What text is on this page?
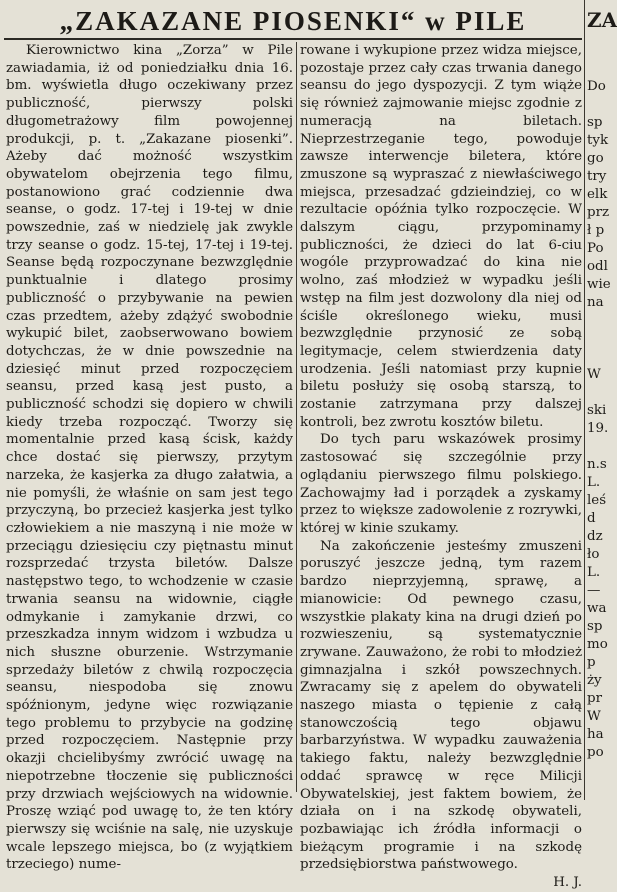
„ZAKAZANE PIOSENKI“ w PILE

Kierownictwo kina „Zorza” w Pile zawiadamia, iż od poniedziałku dnia 16. bm. wyświetla długo oczekiwany przez publiczność, pierwszy polski długometrażowy film powojennej produkcji, p. t. „Zakazane piosenki”. Ażeby dać możność wszystkim obywatelom obejrzenia tego filmu, postanowiono grać codziennie dwa seanse, o godz. 17-tej i 19-tej w dnie powszednie, zaś w niedzielę jak zwykle trzy seanse o godz. 15-tej, 17-tej i 19-tej. Seanse będą rozpoczynane bezwzględnie punktualnie i dlatego prosimy publiczność o przybywanie na pewien czas przedtem, ażeby zdążyć swobodnie wykupić bilet, zaobserwowano bowiem dotychczas, że w dnie powszednie na dziesięć minut przed rozpoczęciem seansu, przed kasą jest pusto, a publiczność schodzi się dopiero w chwili kiedy trzeba rozpocząć. Tworzy się momentalnie przed kasą ścisk, każdy chce dostać się pierwszy, przytym narzeka, że kasjerka za długo załatwia, a nie pomyśli, że właśnie on sam jest tego przyczyną, bo przecież kasjerka jest tylko człowiekiem a nie maszyną i nie może w przeciągu dziesięciu czy piętnastu minut rozsprzedać trzysta biletów. Dalsze następstwo tego, to wchodzenie w czasie trwania seansu na widownie, ciągłe odmykanie i zamykanie drzwi, co przeszkadza innym widzom i wzbudza u nich słuszne oburzenie. Wstrzymanie sprzedaży biletów z chwilą rozpoczęcia seansu, niespodoba się znowu spóźnionym, jedyne więc rozwiązanie tego problemu to przybycie na godzinę przed rozpoczęciem. Następnie przy okazji chcielibyśmy zwrócić uwagę na niepotrzebne tłoczenie się publiczności przy drzwiach wejściowych na widownie. Proszę wziąć pod uwagę to, że ten który pierwszy się wciśnie na salę, nie uzyskuje wcale lepszego miejsca, bo (z wyjątkiem trzeciego) nume-

rowane i wykupione przez widza miejsce, pozostaje przez cały czas trwania danego seansu do jego dyspozycji. Z tym wiąże się również zajmowanie miejsc zgodnie z numeracją na biletach. Nieprzestrzeganie tego, powoduje zawsze interwencje biletera, które zmuszone są wypraszać z niewłaściwego miejsca, przesadzać gdzieindziej, co w rezultacie opóźnia tylko rozpoczęcie. W dalszym ciągu, przypominamy publiczności, że dzieci do lat 6-ciu wogóle przyprowadzać do kina nie wolno, zaś młodzież w wypadku jeśli wstęp na film jest dozwolony dla niej od ściśle określonego wieku, musi bezwzględnie przynosić ze sobą legitymacje, celem stwierdzenia daty urodzenia. Jeśli natomiast przy kupnie biletu posłuży się osobą starszą, to zostanie zatrzymana przy dalszej kontroli, bez zwrotu kosztów biletu.

Do tych paru wskazówek prosimy zastosować się szczególnie przy oglądaniu pierwszego filmu polskiego. Zachowajmy ład i porządek a zyskamy przez to większe zadowolenie z rozrywki, której w kinie szukamy.

Na zakończenie jesteśmy zmuszeni poruszyć jeszcze jedną, tym razem bardzo nieprzyjemną, sprawę, a mianowicie: Od pewnego czasu, wszystkie plakaty kina na drugi dzień po rozwieszeniu, są systematycznie zrywane. Zauważono, że robi to młodzież gimnazjalna i szkół powszechnych. Zwracamy się z apelem do obywateli naszego miasta o tępienie z całą stanowczością tego objawu barbarzyństwa. W wypadku zauważenia takiego faktu, należy bezwzględnie oddać sprawcę w ręce Milicji Obywatelskiej, jest faktem bowiem, że działa on i na szkodę obywateli, pozbawiając ich źródła informacji o bieżącym programie i na szkodę przedsiębiorstwa państwowego.

H. J.

ZA
Do
sp
tyk
go
try
elk
prz
ł p
Po
odl
wie
na
W
ski
19.
n.s
L.
leś
d
dz
ło
L.
—
wa
sp
mo
p
ży
pr
W
ha
po
